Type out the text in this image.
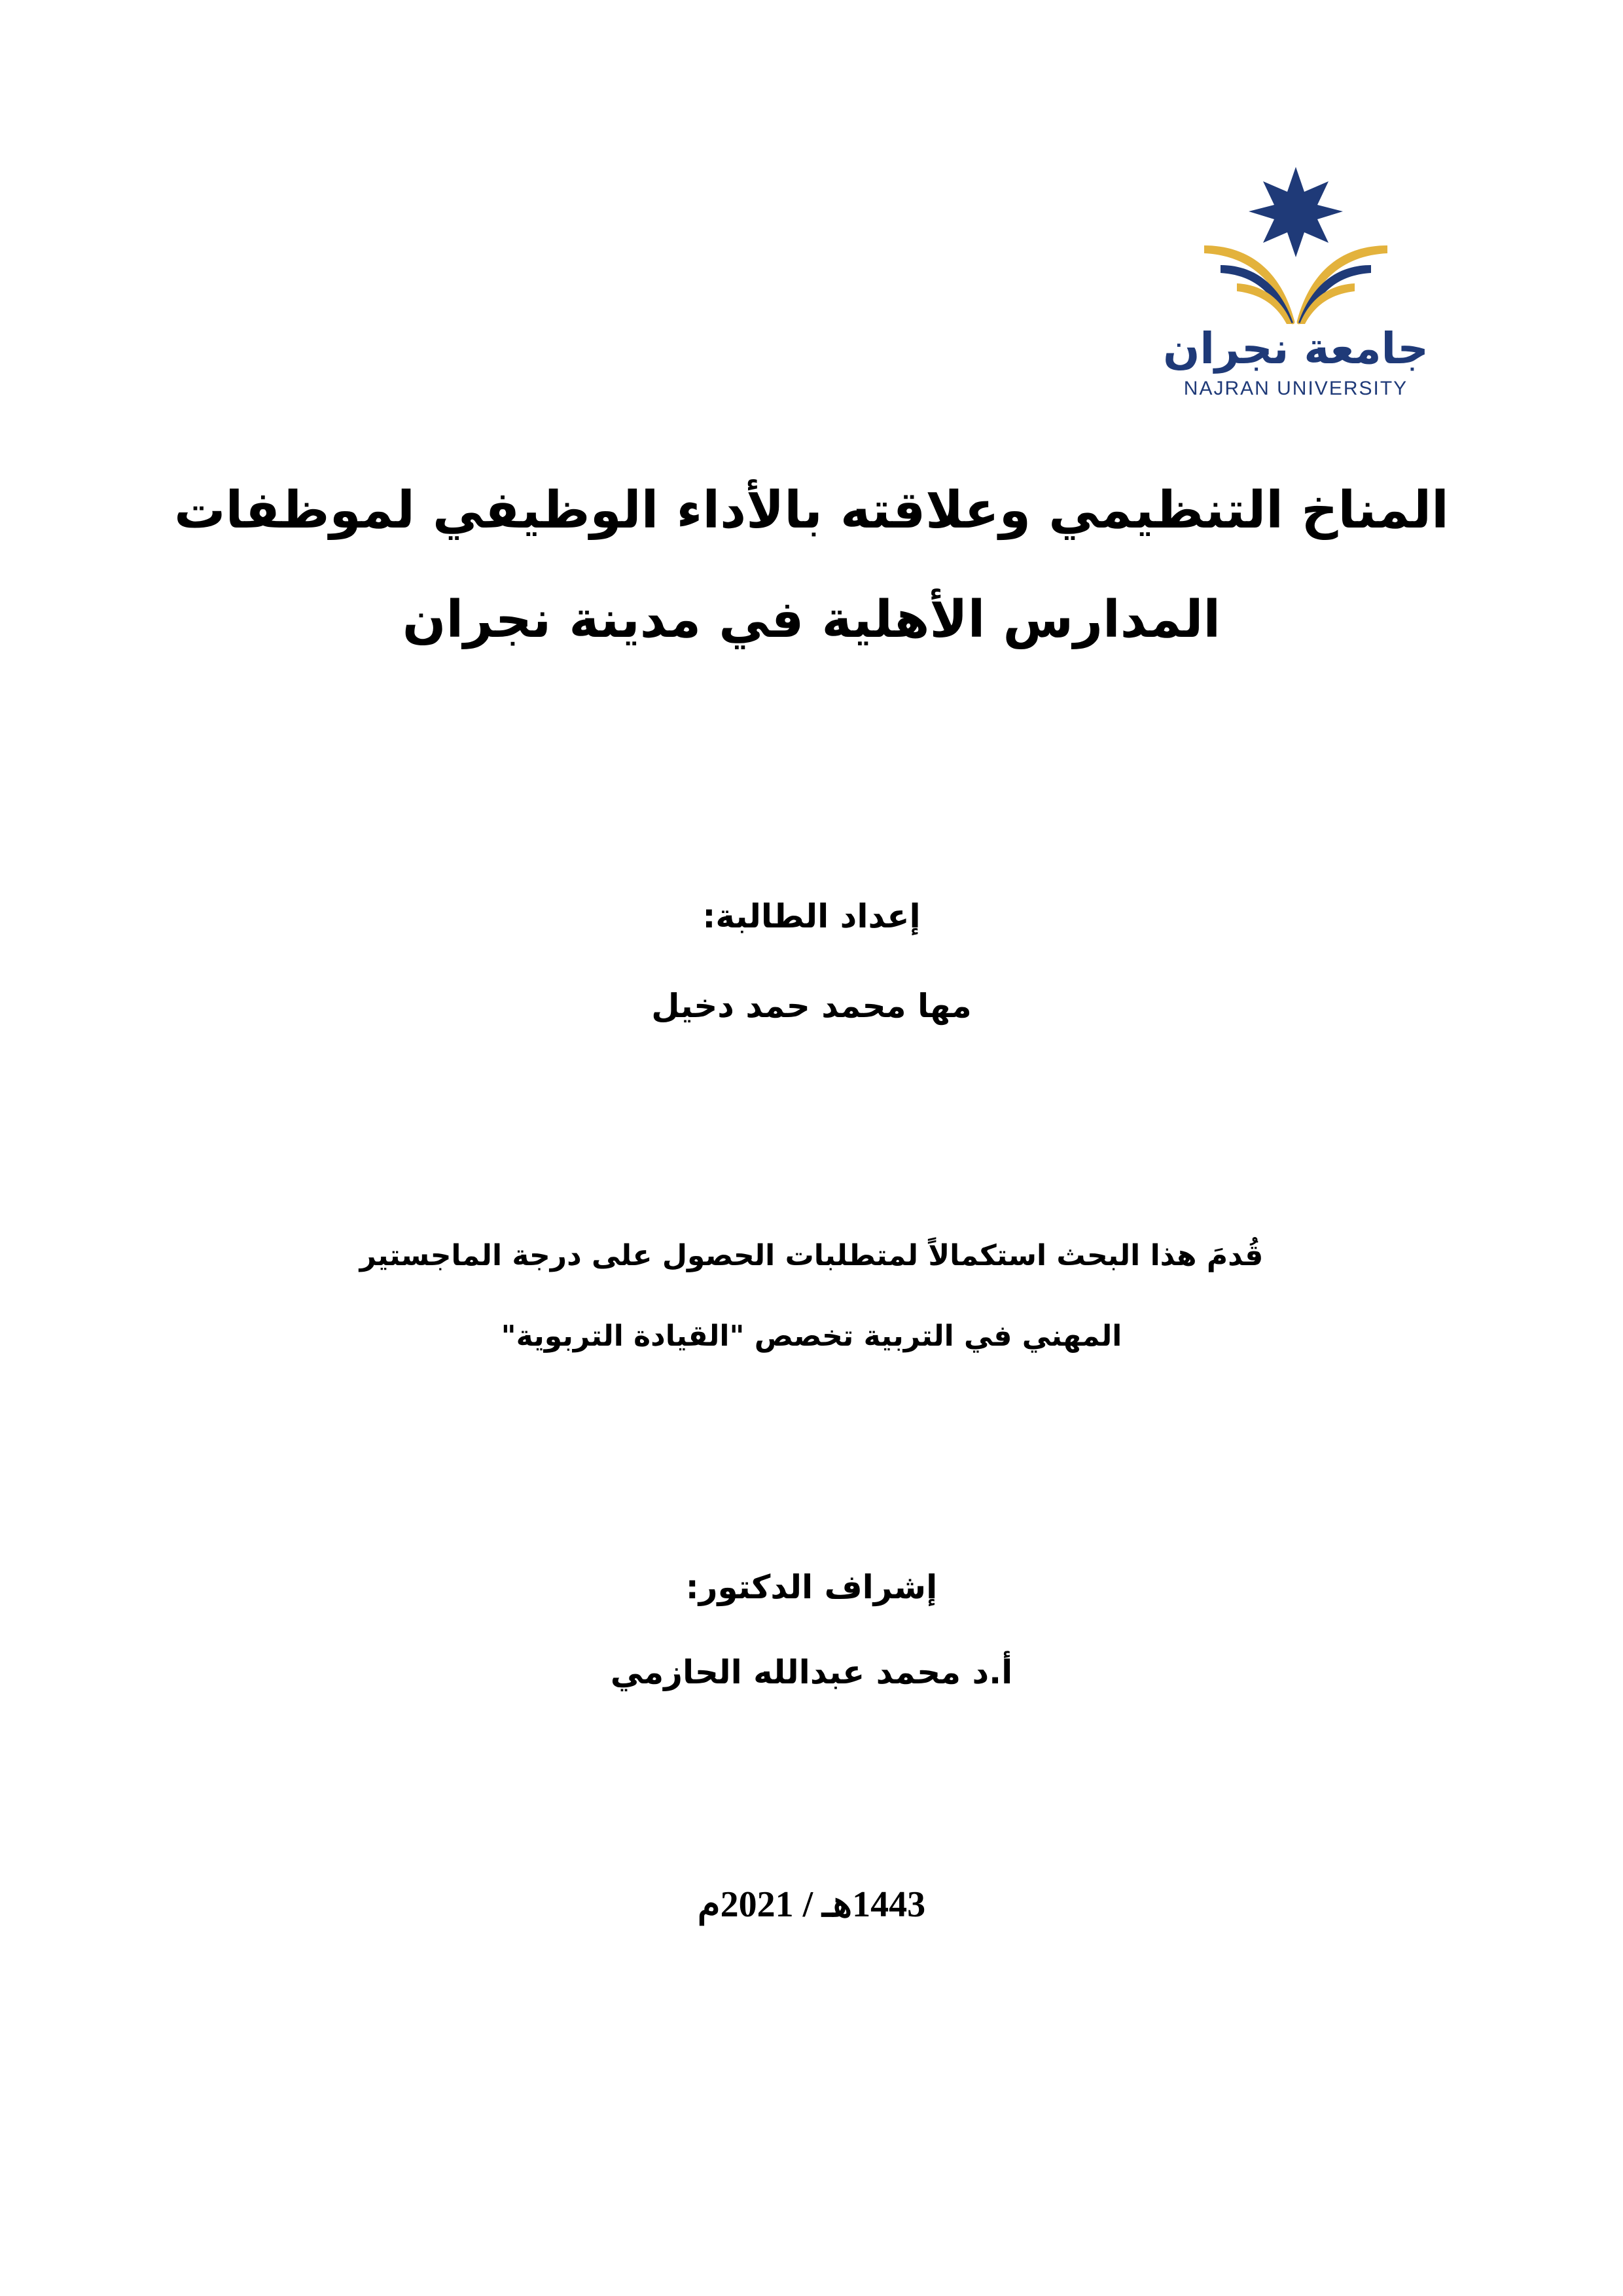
جامعة نجران
NAJRAN UNIVERSITY
المناخ التنظيمي وعلاقته بالأداء الوظيفي لموظفات
المدارس الأهلية في مدينة نجران
إعداد الطالبة:
مها محمد حمد دخيل
قُدمَ هذا البحث استكمالاً لمتطلبات الحصول على درجة الماجستير
المهني في التربية تخصص "القيادة التربوية"
إشراف الدكتور:
أ.د محمد عبدالله الحازمي
1443هـ / 2021م
